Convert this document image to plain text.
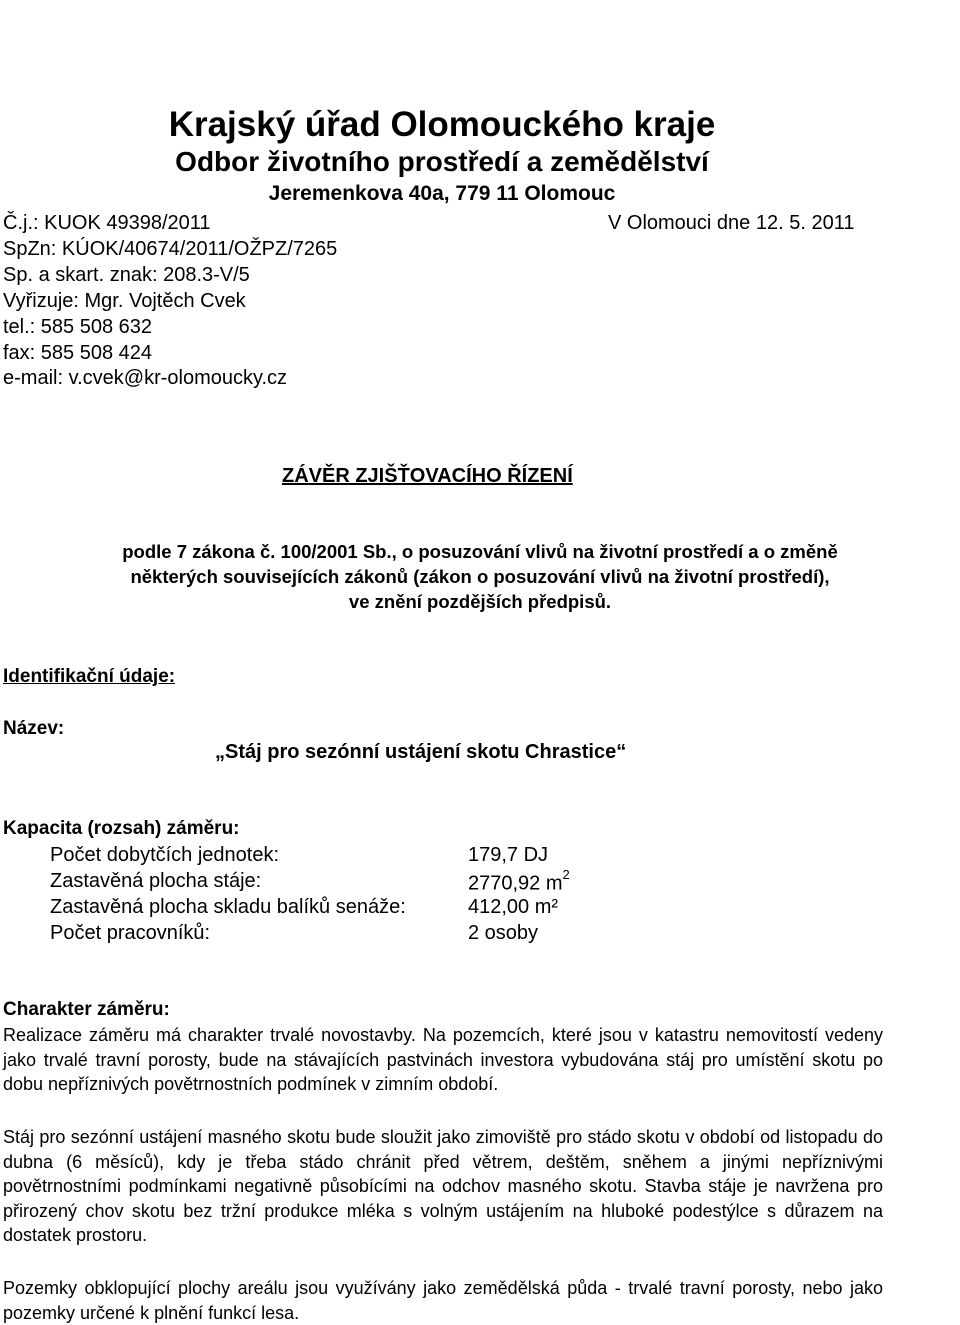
Krajský úřad Olomouckého kraje
Odbor životního prostředí a zemědělství
Jeremenkova 40a, 779 11 Olomouc
Č.j.: KUOK 49398/2011	V Olomouci dne 12. 5. 2011
SpZn: KÚOK/40674/2011/OŽPZ/7265
Sp. a skart. znak: 208.3-V/5
Vyřizuje: Mgr. Vojtěch Cvek
tel.: 585 508 632
fax: 585 508 424
e-mail: v.cvek@kr-olomoucky.cz
ZÁVĚR ZJIŠŤOVACÍHO ŘÍZENÍ
podle 7 zákona č. 100/2001 Sb., o posuzování vlivů na životní prostředí a o změně
některých souvisejících zákonů (zákon o posuzování vlivů na životní prostředí),
ve znění pozdějších předpisů.
Identifikační údaje:
Název:
„Stáj pro sezónní ustájení skotu Chrastice“
Kapacita (rozsah) záměru:
Počet dobytčích jednotek:	179,7 DJ
Zastavěná plocha stáje:	2770,92 $m^2$
Zastavěná plocha skladu balíků senáže:	412,00 m²
Počet pracovníků:	2 osoby
Charakter záměru:
Realizace záměru má charakter trvalé novostavby. Na pozemcích, které jsou v katastru nemovitostí vedeny jako trvalé travní porosty, bude na stávajících pastvinách investora vybudována stáj pro umístění skotu po dobu nepříznivých povětrnostních podmínek v zimním období.
Stáj pro sezónní ustájení masného skotu bude sloužit jako zimoviště pro stádo skotu v období od listopadu do dubna (6 měsíců), kdy je třeba stádo chránit před větrem, deštěm, sněhem a jinými nepříznivými povětrnostními podmínkami negativně působícími na odchov masného skotu. Stavba stáje je navržena pro přirozený chov skotu bez tržní produkce mléka s volným ustájením na hluboké podestýlce s důrazem na dostatek prostoru.
Pozemky obklopující plochy areálu jsou využívány jako zemědělská půda - trvalé travní porosty, nebo jako pozemky určené k plnění funkcí lesa.
